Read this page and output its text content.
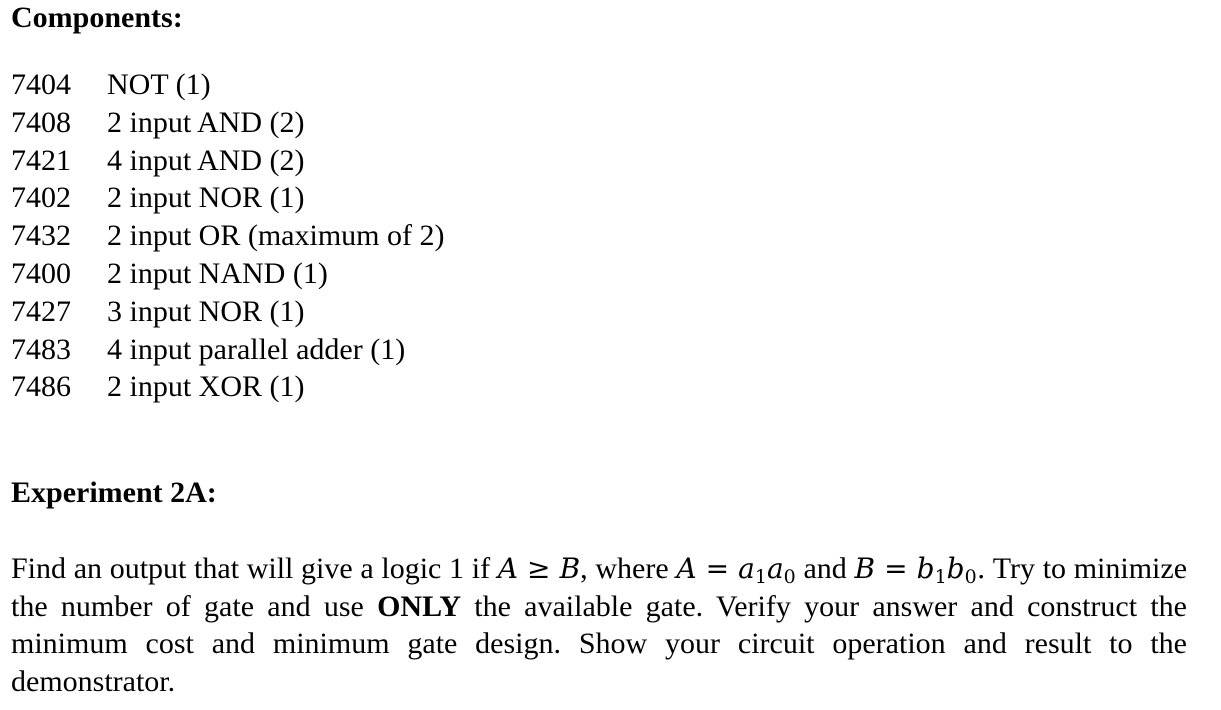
Components:
7404	NOT (1)
7408	2 input AND (2)
7421	4 input AND (2)
7402	2 input NOR (1)
7432	2 input OR (maximum of 2)
7400	2 input NAND (1)
7427	3 input NOR (1)
7483	4 input parallel adder (1)
7486	2 input XOR (1)
Experiment 2A:
Find an output that will give a logic 1 if A ≥ B, where $A = a_1a_0$ and $B = b_1b_0$. Try to minimize the number of gate and use ONLY the available gate. Verify your answer and construct the minimum cost and minimum gate design. Show your circuit operation and result to the demonstrator.
